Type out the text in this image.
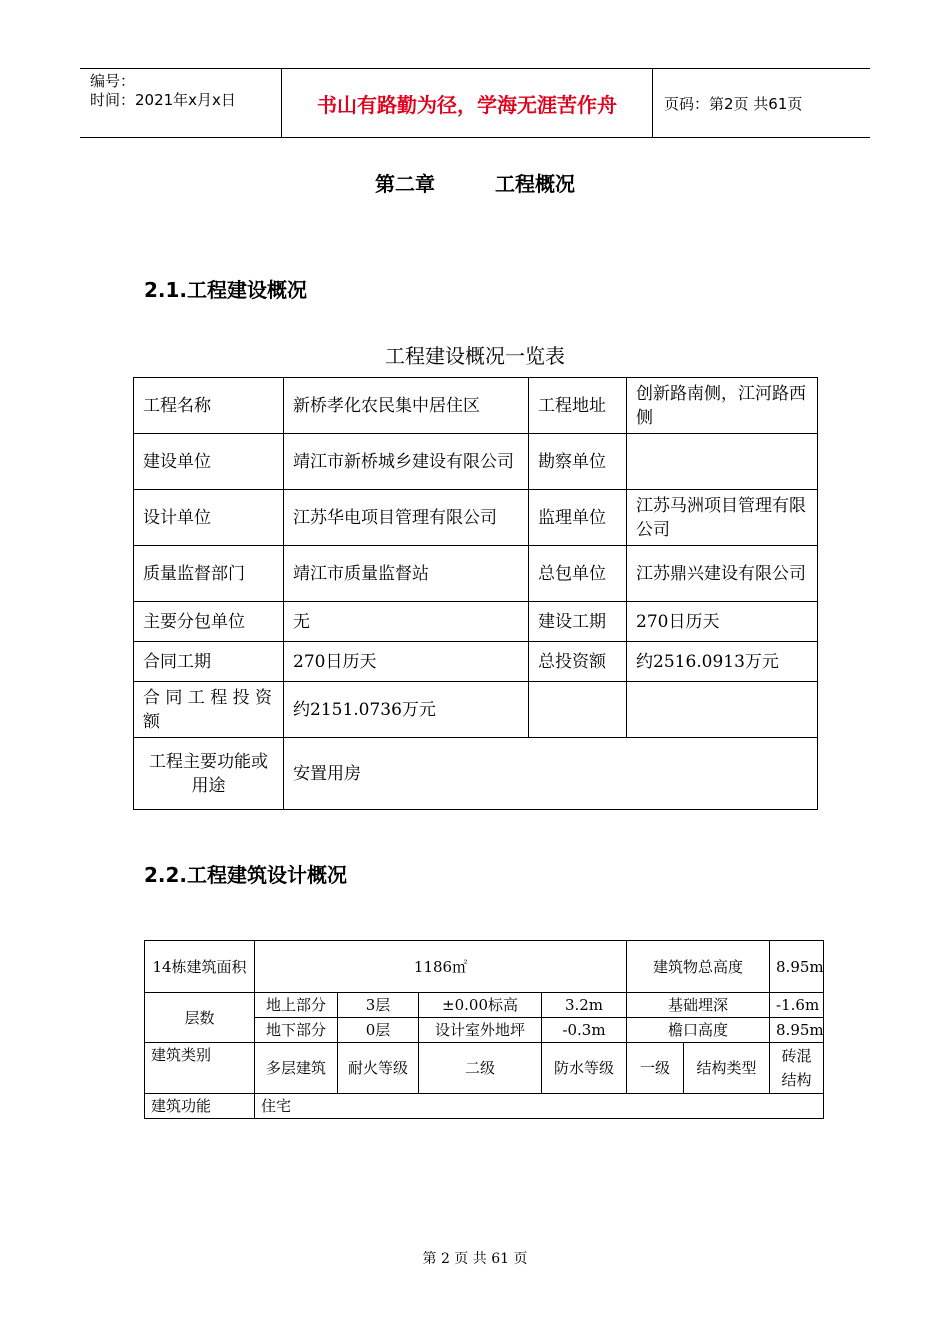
编号：
时间：2021年x月x日	书山有路勤为径，学海无涯苦作舟	页码：第2页 共61页
第二章	工程概况
2.1.工程建设概况
工程建设概况一览表
工程名称	新桥孝化农民集中居住区	工程地址	创新路南侧，江河路西侧
建设单位	靖江市新桥城乡建设有限公司	勘察单位	
设计单位	江苏华电项目管理有限公司	监理单位	江苏马洲项目管理有限公司
质量监督部门	靖江市质量监督站	总包单位	江苏鼎兴建设有限公司
主要分包单位	无	建设工期	270日历天
合同工期	270日历天	总投资额	约2516.0913万元
合同工程投资额	约2151.0736万元		
工程主要功能或用途	安置用房		
2.2.工程建筑设计概况
14栋建筑面积	1186㎡				建筑物总高度		8.95m
层数	地上部分	3层	±0.00标高	3.2m	基础埋深		-1.6m
	地下部分	0层	设计室外地坪	-0.3m	檐口高度		8.95m
建筑类别	多层建筑	耐火等级	二级	防水等级	一级	结构类型	砖混结构
建筑功能	住宅						
第 2 页 共 61 页
